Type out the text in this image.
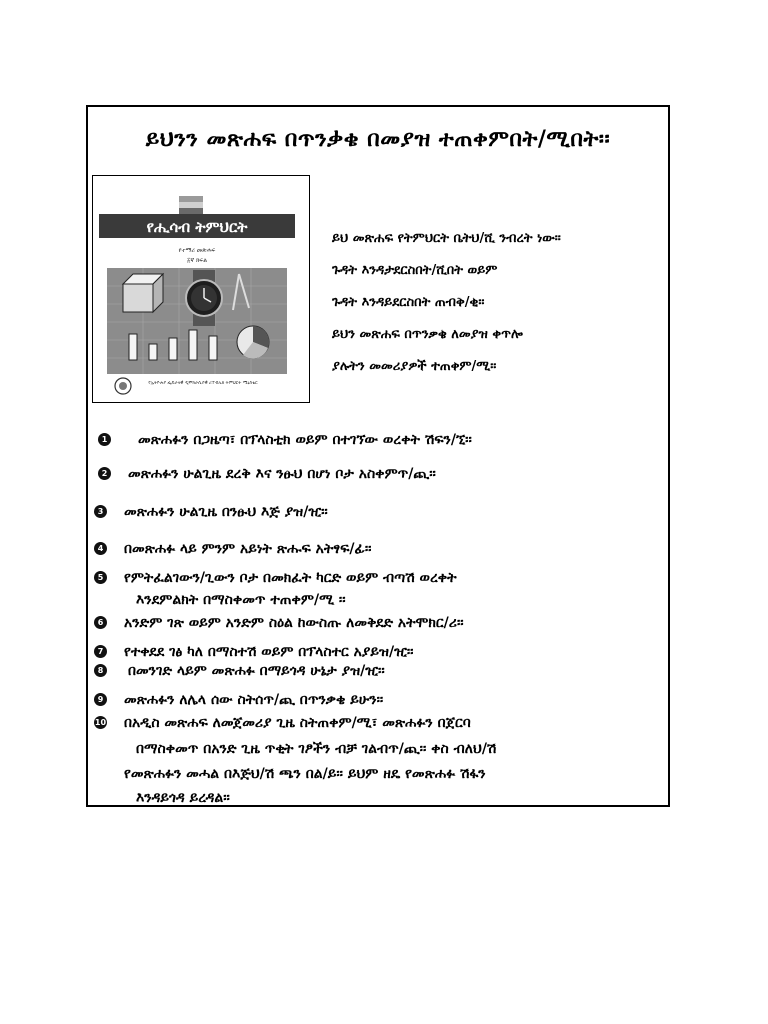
ይህንን መጽሐፍ በጥንቃቄ በመያዝ ተጠቀምበት/ሚበት፡፡
የሒሳብ ትምህርት
የተማሪ መጽሐፍ
፭ኛ ክፍል
የኢትዮጵያ ፌዴራላዊ ዲሞክራሲያዊ ሪፐብሊክ ትምህርት ሚኒስቴር
ይህ መጽሐፍ የትምህርት ቤትህ/ሺ ንብረት ነው፡፡
ጉዳት እንዳታደርስበት/ሺበት ወይም
ጉዳት እንዳይደርስበት ጠብቅ/ቂ፡፡
ይህን መጽሐፍ በጥንቃቄ ለመያዝ ቀጥሎ
ያሉትን መመሪያዎች ተጠቀም/ሚ፡፡
1 መጽሐፉን በጋዜጣ፣ በፕላስቲክ ወይም በተገኘው ወረቀት ሽፍን/ኚ፡፡
2 መጽሐፉን ሁልጊዜ ደረቅ እና ንፁህ በሆነ ቦታ አስቀምጥ/ጪ፡፡
3 መጽሐፉን ሁልጊዜ በንፁህ እጅ ያዝ/ዢ፡፡
4 በመጽሐፉ ላይ ምንም አይነት ጽሑፍ አትፃፍ/ፊ፡፡
5 የምትፈልገውን/ጊውን ቦታ በመክፈት ካርድ ወይም ብጣሽ ወረቀት
እንደምልክት በማስቀመጥ ተጠቀም/ሚ ፡፡
6 አንድም ገጽ ወይም አንድም ስዕል ከውስጡ ለመቅደድ አትሞክር/ሪ፡፡
7 የተቀደደ ገፅ ካለ በማስተሽ ወይም በፕላስተር አያይዝ/ዢ፡፡
8 በመንገድ ላይም መጽሐፉ በማይጎዳ ሁኔታ ያዝ/ዢ፡፡
9 መጽሐፉን ለሌላ ሰው ስትሰጥ/ጪ በጥንቃቄ ይሁን፡፡
10 በአዲስ መጽሐፍ ለመጀመሪያ ጊዜ ስትጠቀም/ሚ፣ መጽሐፉን በጀርባ
በማስቀመጥ በአንድ ጊዜ ጥቂት ገፆችን ብቻ ገልብጥ/ጪ፡፡ ቀስ ብለህ/ሽ
የመጽሐፉን መሓል በእጅህ/ሽ ጫን በል/ይ፡፡ ይህም ዘዴ የመጽሐፉ ሽፋን
እንዳይጎዳ ይረዳል፡፡
